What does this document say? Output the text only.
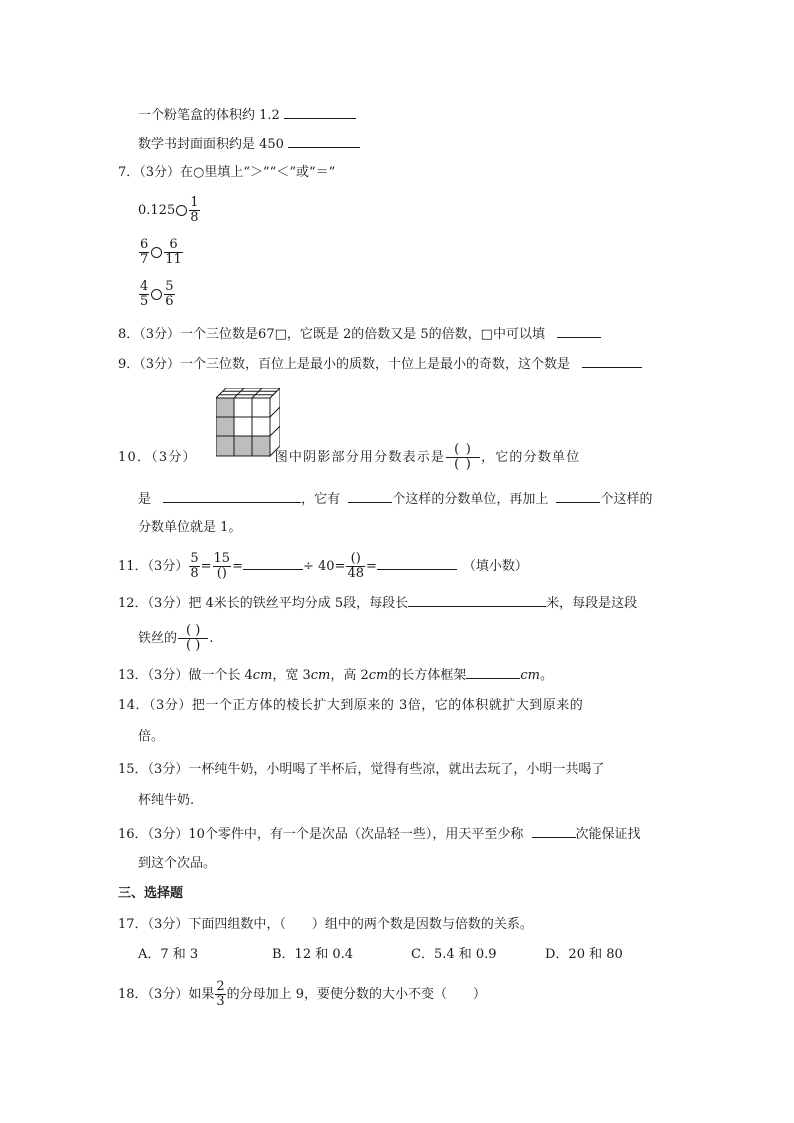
一个粉笔盒的体积约 1.2
数学书封面面积约是 450
7．（3分）在○里填上“＞”“＜”或“＝”
$0.125 \frac{1}{8}$
$\frac{6}{7} \frac{6}{11}$
$\frac{4}{5} \frac{5}{6}$
8．（3分）一个三位数是67□，它既是 2的倍数又是 5的倍数，□中可以填
9．（3分）一个三位数，百位上是最小的质数，十位上是最小的奇数，这个数是
10．（3分）	图中阴影部分用分数表示是 $\frac{( )}{( )}$ ，它的分数单位
是	，它有	个这样的分数单位，再加上	个这样的
分数单位就是 1。
11．（3分） $\frac{5}{8} = \frac{15}{()}$ =	÷ $40= \frac{()}{48}$ =	（填小数）
12．（3分）把 4米长的铁丝平均分成 5段，每段长	米，每段是这段
铁丝的 $\frac{( )}{( )}$ .
13．（3分）做一个长 4cm，宽 3cm，高 2cm的长方体框架	cm。
14．（3分）把一个正方体的棱长扩大到原来的 3倍，它的体积就扩大到原来的
倍。
15．（3分）一杯纯牛奶，小明喝了半杯后，觉得有些凉，就出去玩了，小明一共喝了
杯纯牛奶.
16．（3分）10个零件中，有一个是次品（次品轻一些），用天平至少称	次能保证找
到这个次品。
三、选择题
17．（3分）下面四组数中，（　　）组中的两个数是因数与倍数的关系。
A．7 和 3	B．12 和 0.4	C．5.4 和 0.9	D．20 和 80
18．（3分）如果 $\frac{2}{3}$ 的分母加上 9，要使分数的大小不变（　　）
